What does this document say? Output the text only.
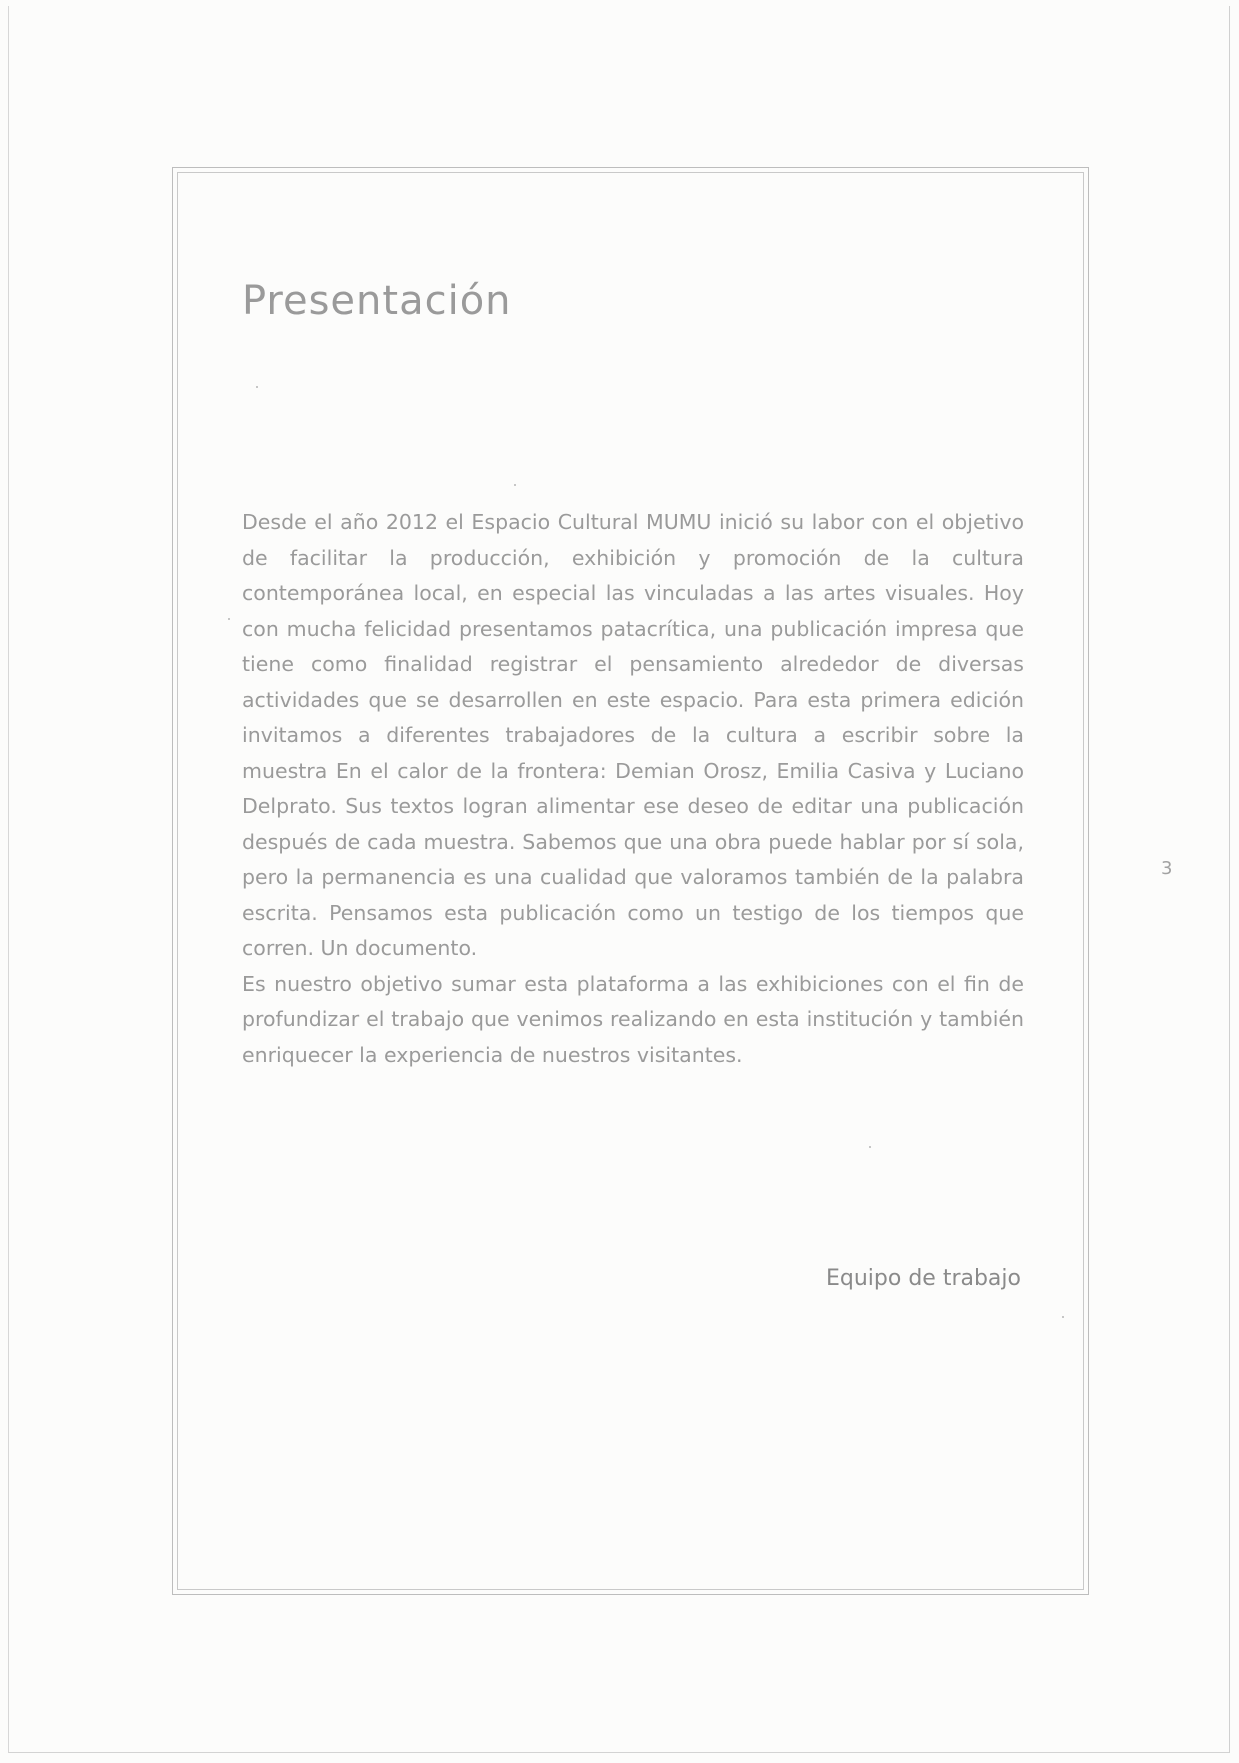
Presentación

Desde el año 2012 el Espacio Cultural MUMU inició su labor con el objetivo de facilitar la producción, exhibición y promoción de la cultura contemporánea local, en especial las vinculadas a las artes visuales. Hoy con mucha felicidad presentamos patacrítica, una publicación impresa que tiene como finalidad registrar el pensamiento alrededor de diversas actividades que se desarrollen en este espacio. Para esta primera edición invitamos a diferentes trabajadores de la cultura a escribir sobre la muestra En el calor de la frontera: Demian Orosz, Emilia Casiva y Luciano Delprato. Sus textos logran alimentar ese deseo de editar una publicación después de cada muestra. Sabemos que una obra puede hablar por sí sola, pero la permanencia es una cualidad que valoramos también de la palabra escrita. Pensamos esta publicación como un testigo de los tiempos que corren. Un documento.

Es nuestro objetivo sumar esta plataforma a las exhibiciones con el fin de profundizar el trabajo que venimos realizando en esta institución y también enriquecer la experiencia de nuestros visitantes.

Equipo de trabajo
3
